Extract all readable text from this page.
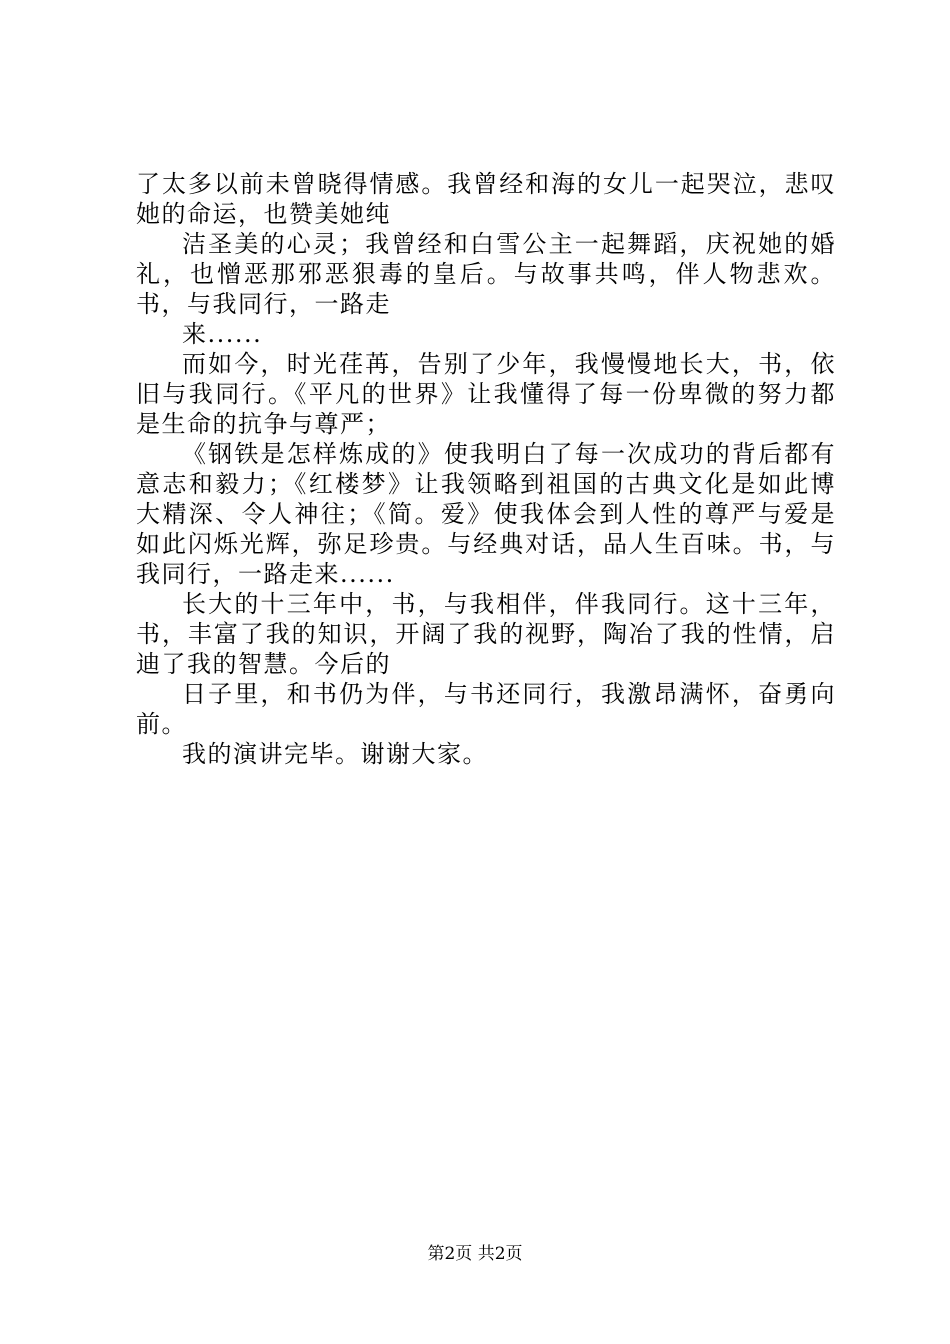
了太多以前未曾晓得情感。我曾经和海的女儿一起哭泣，悲叹她的命运，也赞美她纯

洁圣美的心灵；我曾经和白雪公主一起舞蹈，庆祝她的婚礼，也憎恶那邪恶狠毒的皇后。与故事共鸣，伴人物悲欢。书，与我同行，一路走

来......

而如今，时光荏苒，告别了少年，我慢慢地长大，书，依旧与我同行。《平凡的世界》让我懂得了每一份卑微的努力都是生命的抗争与尊严；

《钢铁是怎样炼成的》使我明白了每一次成功的背后都有意志和毅力；《红楼梦》让我领略到祖国的古典文化是如此博大精深、令人神往；《简。爱》使我体会到人性的尊严与爱是如此闪烁光辉，弥足珍贵。与经典对话，品人生百味。书，与我同行，一路走来......

长大的十三年中，书，与我相伴，伴我同行。这十三年，书，丰富了我的知识，开阔了我的视野，陶冶了我的性情，启迪了我的智慧。今后的

日子里，和书仍为伴，与书还同行，我激昂满怀，奋勇向前。

我的演讲完毕。谢谢大家。

第2页 共2页
